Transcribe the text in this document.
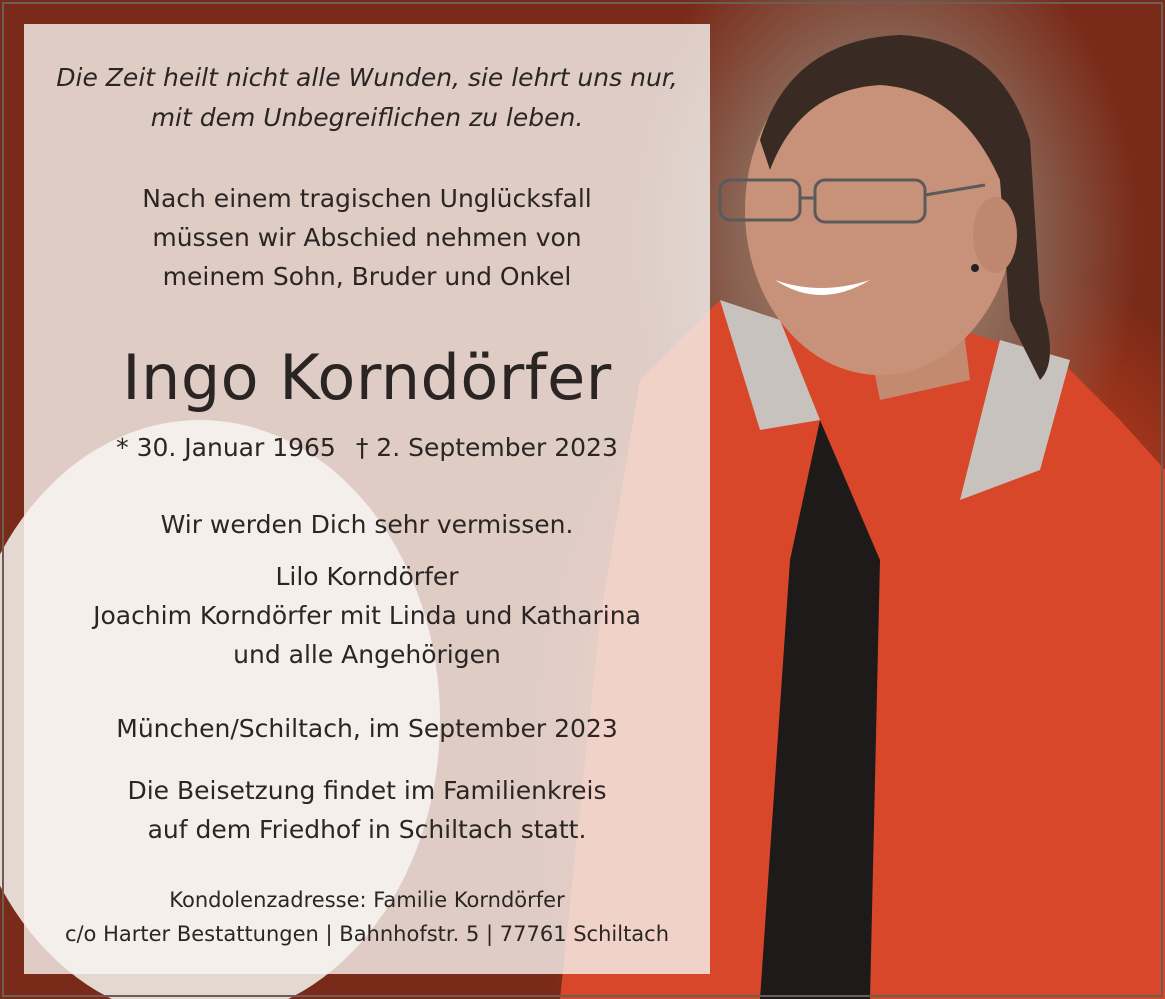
Die Zeit heilt nicht alle Wunden, sie lehrt uns nur,
mit dem Unbegreiflichen zu leben.
Nach einem tragischen Unglücksfall
müssen wir Abschied nehmen von
meinem Sohn, Bruder und Onkel
Ingo Korndörfer
* 30. Januar 1965 † 2. September 2023
Wir werden Dich sehr vermissen.
Lilo Korndörfer
Joachim Korndörfer mit Linda und Katharina
und alle Angehörigen
München/Schiltach, im September 2023
Die Beisetzung findet im Familienkreis
auf dem Friedhof in Schiltach statt.
Kondolenzadresse: Familie Korndörfer
c/o Harter Bestattungen | Bahnhofstr. 5 | 77761 Schiltach
